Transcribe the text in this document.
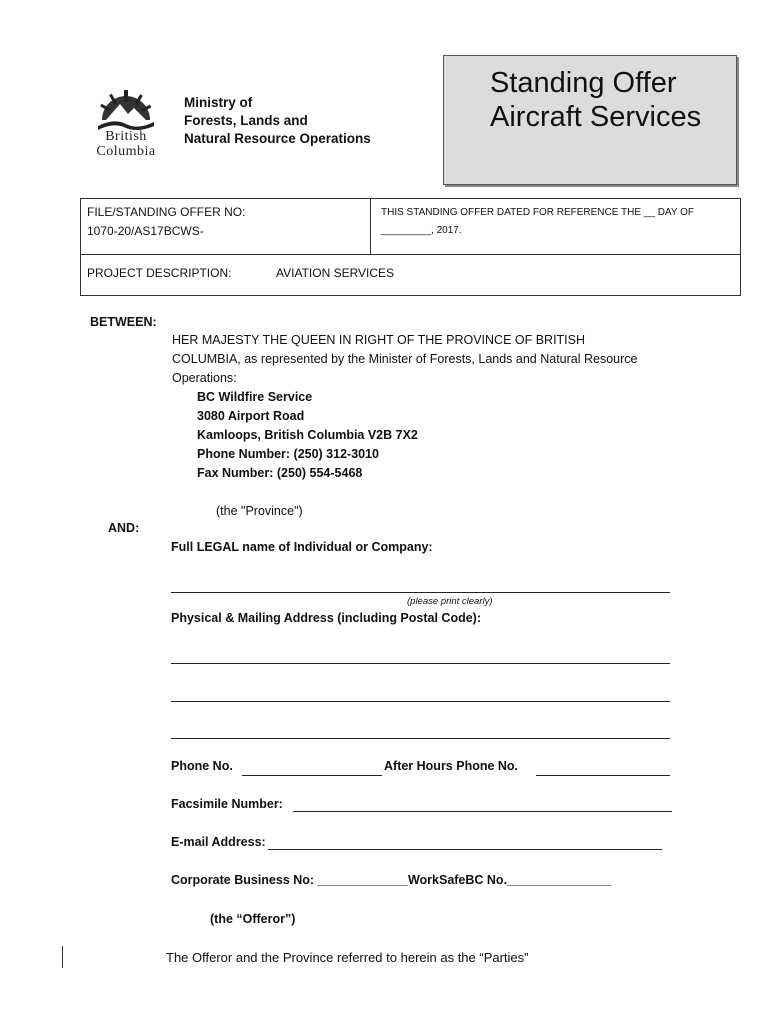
British
Columbia
Ministry of
Forests, Lands and
Natural Resource Operations
Standing Offer
Aircraft Services
FILE/STANDING OFFER NO:
1070-20/AS17BCWS-
THIS STANDING OFFER DATED FOR REFERENCE THE __ DAY OF
_________, 2017.
PROJECT DESCRIPTION:	AVIATION SERVICES
BETWEEN:
HER MAJESTY THE QUEEN IN RIGHT OF THE PROVINCE OF BRITISH
COLUMBIA, as represented by the Minister of Forests, Lands and Natural Resource
Operations:
BC Wildfire Service
3080 Airport Road
Kamloops, British Columbia V2B 7X2
Phone Number: (250) 312-3010
Fax Number: (250) 554-5468
(the "Province")
AND:
Full LEGAL name of Individual or Company:
(please print clearly)
Physical & Mailing Address (including Postal Code):
Phone No.	After Hours Phone No.
Facsimile Number:
E-mail Address:
Corporate Business No: _____________WorkSafeBC No._______________
(the “Offeror”)
The Offeror and the Province referred to herein as the “Parties”
